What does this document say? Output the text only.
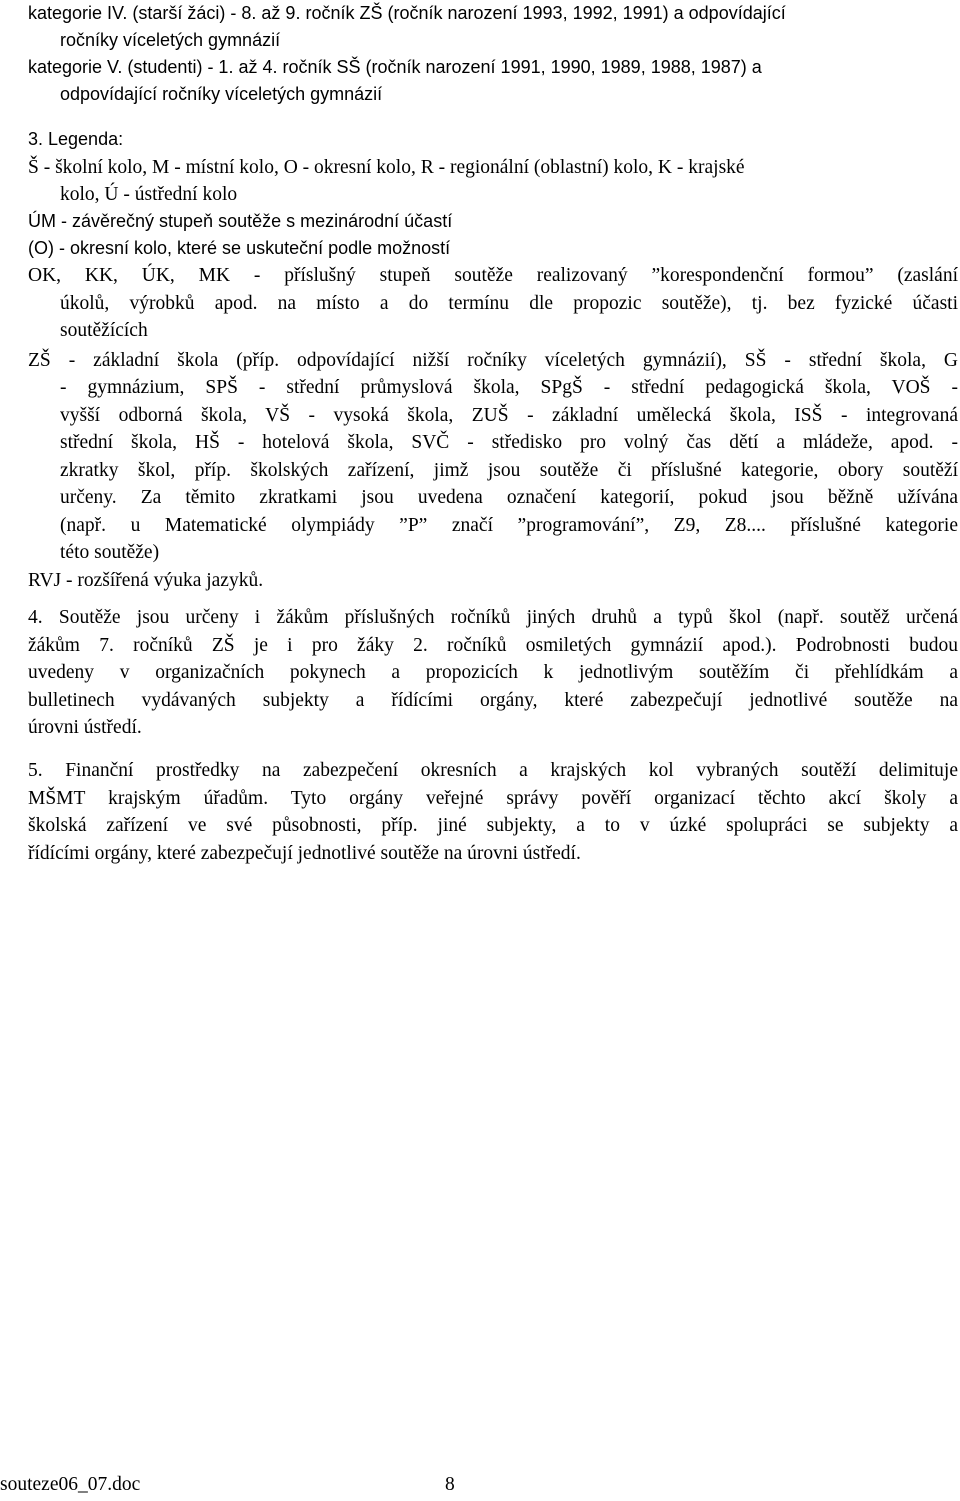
kategorie IV. (starší žáci) - 8. až 9. ročník ZŠ (ročník narození 1993, 1992, 1991) a odpovídající
ročníky víceletých gymnázií
kategorie V. (studenti) - 1. až 4. ročník SŠ (ročník narození 1991, 1990, 1989, 1988, 1987) a
odpovídající ročníky víceletých gymnázií
3. Legenda:
Š - školní kolo, M - místní kolo, O - okresní kolo, R - regionální (oblastní) kolo, K - krajské
kolo, Ú - ústřední kolo
ÚM - závěrečný stupeň soutěže s mezinárodní účastí
(O) - okresní kolo, které se uskuteční podle možností
OK, KK, ÚK, MK - příslušný stupeň soutěže realizovaný ”korespondenční formou” (zaslání
úkolů, výrobků apod. na místo a do termínu dle propozic soutěže), tj. bez fyzické účasti
soutěžících
ZŠ - základní škola (příp. odpovídající nižší ročníky víceletých gymnázií), SŠ - střední škola, G
- gymnázium, SPŠ - střední průmyslová škola, SPgŠ - střední pedagogická škola, VOŠ -
vyšší odborná škola, VŠ - vysoká škola, ZUŠ - základní umělecká škola, ISŠ - integrovaná
střední škola, HŠ - hotelová škola, SVČ - středisko pro volný čas dětí a mládeže, apod. -
zkratky škol, příp. školských zařízení, jimž jsou soutěže či příslušné kategorie, obory soutěží
určeny. Za těmito zkratkami jsou uvedena označení kategorií, pokud jsou běžně užívána
(např. u Matematické olympiády ”P” značí ”programování”, Z9, Z8.... příslušné kategorie
této soutěže)
RVJ - rozšířená výuka jazyků.
4. Soutěže jsou určeny i žákům příslušných ročníků jiných druhů a typů škol (např. soutěž určená
žákům 7. ročníků ZŠ je i pro žáky 2. ročníků osmiletých gymnázií apod.). Podrobnosti budou
uvedeny v organizačních pokynech a propozicích k jednotlivým soutěžím či přehlídkám a
bulletinech vydávaných subjekty a řídícími orgány, které zabezpečují jednotlivé soutěže na
úrovni ústředí.
5. Finanční prostředky na zabezpečení okresních a krajských kol vybraných soutěží delimituje
MŠMT krajským úřadům. Tyto orgány veřejné správy pověří organizací těchto akcí školy a
školská zařízení ve své působnosti, příp. jiné subjekty, a to v úzké spolupráci se subjekty a
řídícími orgány, které zabezpečují jednotlivé soutěže na úrovni ústředí.
souteze06_07.doc	8
